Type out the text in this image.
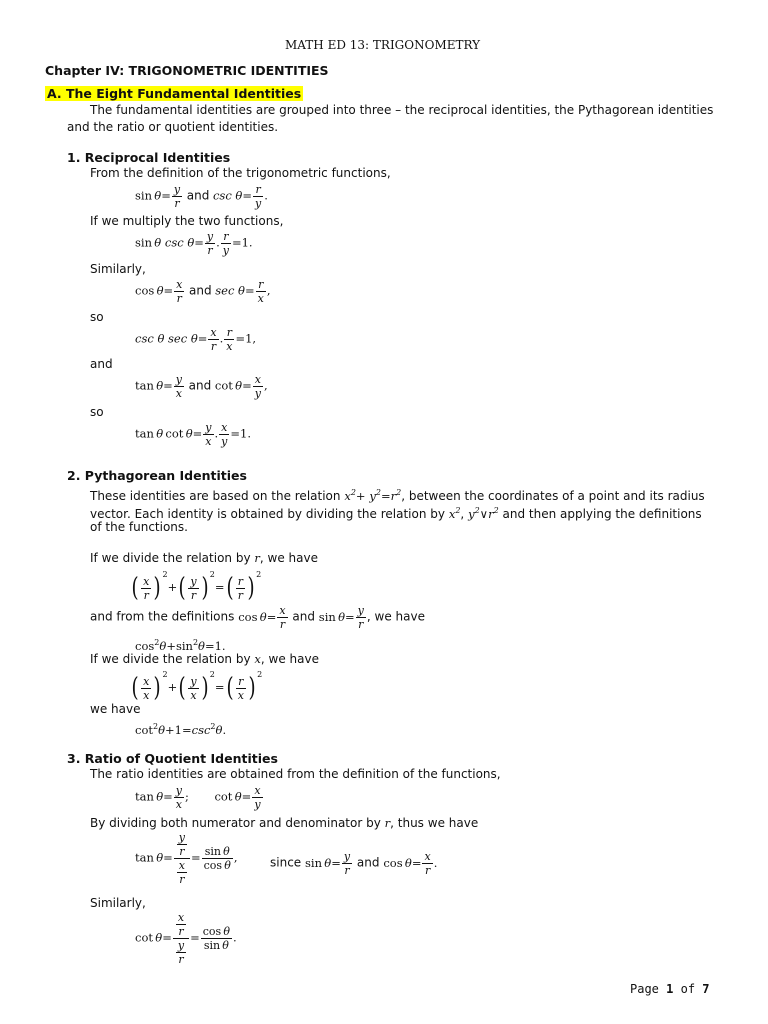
MATH ED 13: TRIGONOMETRY
Chapter IV: TRIGONOMETRIC IDENTITIES
A. The Eight Fundamental Identities
The fundamental identities are grouped into three – the reciprocal identities, the Pythagorean identities
and the ratio or quotient identities.
1. Reciprocal Identities
From the definition of the trigonometric functions,
$\sin \theta= \frac{y}{r}$ and $\csc \theta= \frac{r}{y}$ .
If we multiply the two functions,
sin θ $\csc \theta= \frac{y}{r}$ . $\frac{r}{y} =1$.
Similarly,
$\cos \theta= \frac{x}{r}$ and $\sec \theta= \frac{r}{x}$ ,
so
csc θ $\sec \theta= \frac{x}{r}$ . $\frac{r}{x} =1$,
and
$\tan \theta= \frac{y}{x}$ and $\cot \theta= \frac{x}{y}$ ,
so
tan θ $\cot \theta= \frac{y}{x}$ . $\frac{x}{y} =1$.
2. Pythagorean Identities
These identities are based on the relation $x^2+ y^2=r^2$, between the coordinates of a point and its radius
vector. Each identity is obtained by dividing the relation by $x^2$, $y^2\vee r^2$ and then applying the definitions
of the functions.
If we divide the relation by r, we have
( $\frac{x}{r}$ ) $^2+( \frac{y}{r}$ ) $^2=( \frac{r}{r}$ ) $^2$
and from the definitions $\cos \theta= \frac{x}{r}$ and $\sin \theta= \frac{y}{r}$ , we have
$\cos^2\theta+\sin^2\theta=1$.
If we divide the relation by x, we have
( $\frac{x}{x}$ ) $^2+( \frac{y}{x}$ ) $^2=( \frac{r}{x}$ ) $^2$
we have
$\cot^2\theta+1=\csc^2\theta$.
3. Ratio of Quotient Identities
The ratio identities are obtained from the definition of the functions,
$\tan \theta= \frac{y}{x}$ ;       $\cot \theta= \frac{x}{y}$
By dividing both numerator and denominator by r, thus we have
$\tan \theta= \frac{\frac{y}{r}}{\frac{x}{r}} = \frac{\text{sin θ}}{\text{cos θ}}$ ,	since $\sin \theta= \frac{y}{r}$ and $\cos \theta= \frac{x}{r}$ .
Similarly,
$\cot \theta= \frac{\frac{x}{r}}{\frac{y}{r}} = \frac{\text{cos θ}}{\text{sin θ}}$ .
Page 1 of 7
